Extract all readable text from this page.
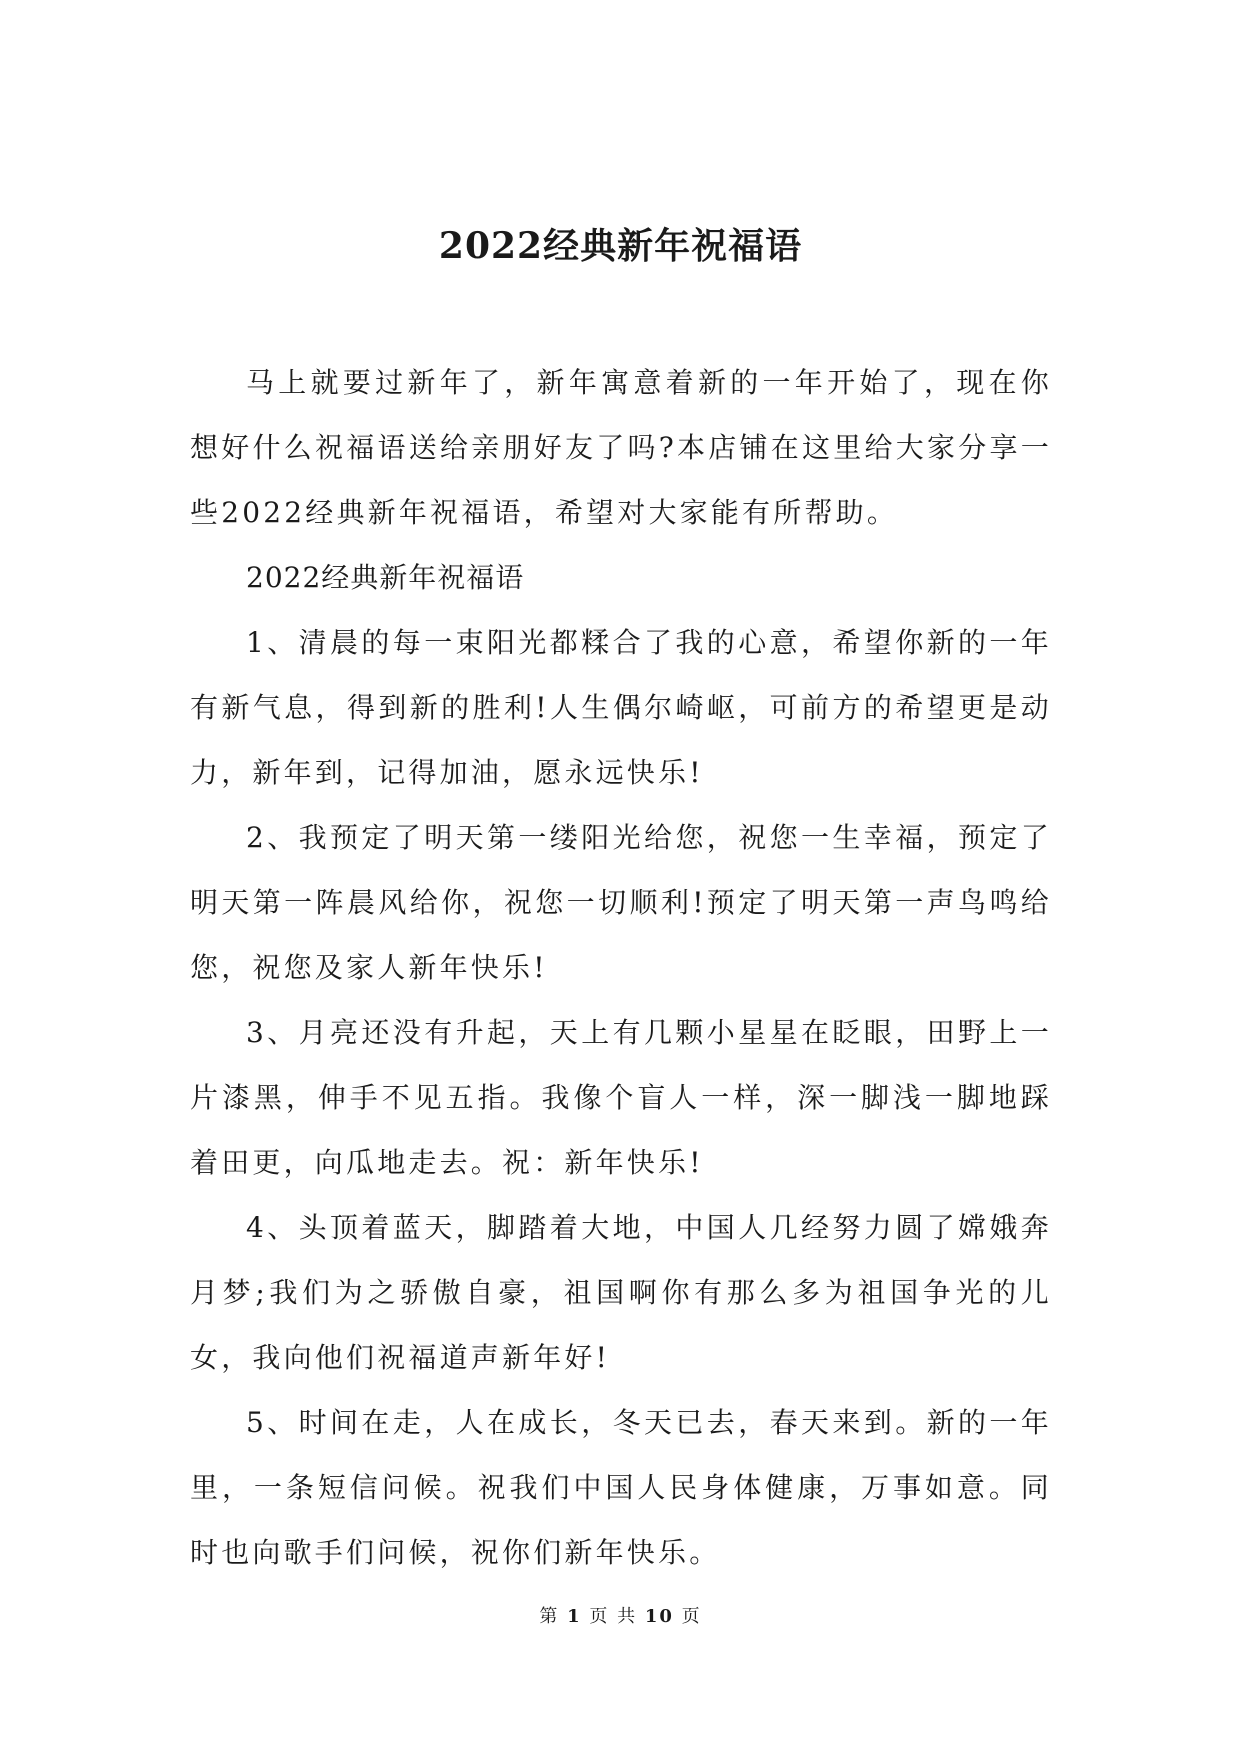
2022经典新年祝福语

马上就要过新年了，新年寓意着新的一年开始了，现在你想好什么祝福语送给亲朋好友了吗?本店铺在这里给大家分享一些2022经典新年祝福语，希望对大家能有所帮助。

2022经典新年祝福语

1、清晨的每一束阳光都糅合了我的心意，希望你新的一年有新气息，得到新的胜利!人生偶尔崎岖，可前方的希望更是动力，新年到，记得加油，愿永远快乐!

2、我预定了明天第一缕阳光给您，祝您一生幸福，预定了明天第一阵晨风给你，祝您一切顺利!预定了明天第一声鸟鸣给您，祝您及家人新年快乐!

3、月亮还没有升起，天上有几颗小星星在眨眼，田野上一片漆黑，伸手不见五指。我像个盲人一样，深一脚浅一脚地踩着田更，向瓜地走去。祝：新年快乐!

4、头顶着蓝天，脚踏着大地，中国人几经努力圆了嫦娥奔月梦;我们为之骄傲自豪，祖国啊你有那么多为祖国争光的儿女，我向他们祝福道声新年好!

5、时间在走，人在成长，冬天已去，春天来到。新的一年里，一条短信问候。祝我们中国人民身体健康，万事如意。同时也向歌手们问候，祝你们新年快乐。

第 1 页 共 10 页
